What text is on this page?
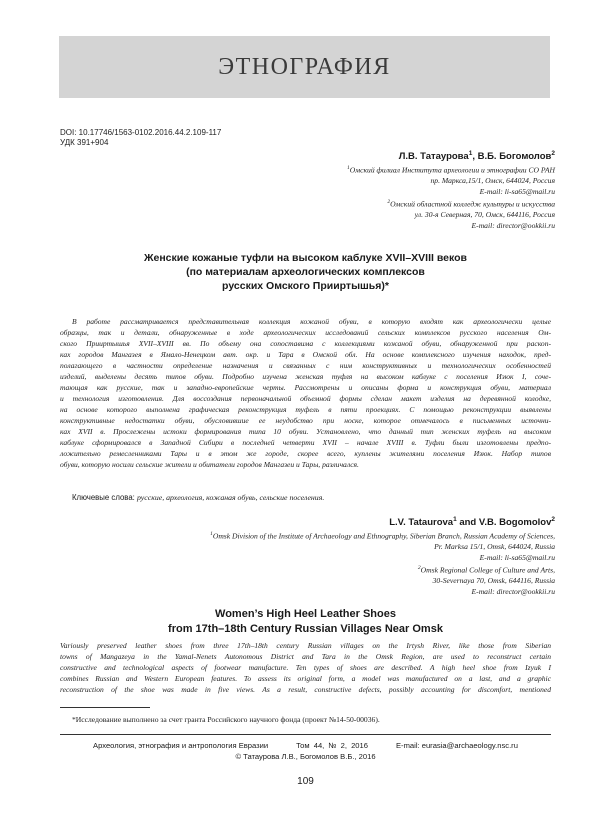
ЭТНОГРАФИЯ
DOI: 10.17746/1563-0102.2016.44.2.109-117
УДК 391+904
Л.В. Татаурова$^1$, В.Б. Богомолов$^2$
$^1$Омский филиал Института археологии и этнографии СО РАН
пр. Маркса,15/1, Омск, 644024, Россия
E-mail: li-sa65@mail.ru
$^2$Омский областной колледж культуры и искусства
ул. 30-я Северная, 70, Омск, 644116, Россия
E-mail: director@ookkii.ru
Женские кожаные туфли на высоком каблуке XVII–XVIII веков
(по материалам археологических комплексов
русских Омского Прииртышья)*
В работе рассматривается представительная коллекция кожаной обуви, в которую входят как археологически целые
образцы, так и детали, обнаруженные в ходе археологических исследований сельских комплексов русского населения Ом-
ского Прииртышья XVII–XVIII вв. По объему она сопоставима с коллекциями кожаной обуви, обнаруженной при раскоп-
ках городов Мангазея в Ямало-Ненецком авт. окр. и Тара в Омской обл. На основе комплексного изучения находок, пред-
полагающего в частности определение назначения и связанных с ним конструктивных и технологических особенностей
изделий, выделены десять типов обуви. Подробно изучена женская туфля на высоком каблуке с поселения Изюк I, соче-
тающая как русские, так и западно-европейские черты. Рассмотрены и описаны форма и конструкция обуви, материал
и технология изготовления. Для воссоздания первоначальной объемной формы сделан макет изделия на деревянной колодке,
на основе которого выполнена графическая реконструкция туфель в пяти проекциях. С помощью реконструкции выявлены
конструктивные недостатки обуви, обусловившие ее неудобство при носке, которое отмечалось в письменных источни-
ках XVII в. Прослежены истоки формирования типа 10 обуви. Установлено, что данный тип женских туфель на высоком
каблуке сформировался в Западной Сибири в последней четверти XVII – начале XVIII в. Туфли были изготовлены предпо-
ложительно ремесленниками Тары и в этом же городе, скорее всего, куплены жителями поселения Изюк. Набор типов
обуви, которую носили сельские жители и обитатели городов Мангазеи и Тары, различался.
Ключевые слова: русские, археология, кожаная обувь, сельские поселения.
L.V. Tataurova$^1$ and V.B. Bogomolov$^2$
$^1$Omsk Division of the Institute of Archaeology and Ethnography, Siberian Branch, Russian Academy of Sciences,
Pr. Marksa 15/1, Omsk, 644024, Russia
E-mail: li-sa65@mail.ru
$^2$Omsk Regional College of Culture and Arts,
30-Severnaya 70, Omsk, 644116, Russia
E-mail: director@ookkii.ru
Women’s High Heel Leather Shoes
from 17th–18th Century Russian Villages Near Omsk
Variously preserved leather shoes from three 17th–18th century Russian villages on the Irtysh River, like those from Siberian
towns of Mangazeya in the Yamal-Nenets Autonomous District and Tara in the Omsk Region, are used to reconstruct certain
constructive and technological aspects of footwear manufacture. Ten types of shoes are described. A high heel shoe from Izyuk I
combines Russian and Western European features. To assess its original form, a model was manufactured on a last, and a graphic
reconstruction of the shoe was made in five views. As a result, constructive defects, possibly accounting for discomfort, mentioned
*Исследование выполнено за счет гранта Российского научного фонда (проект №14-50-00036).
Археология, этнография и антропология Евразии	Том 44, № 2, 2016	E-mail: eurasia@archaeology.nsc.ru
© Татаурова Л.В., Богомолов В.Б., 2016
109
